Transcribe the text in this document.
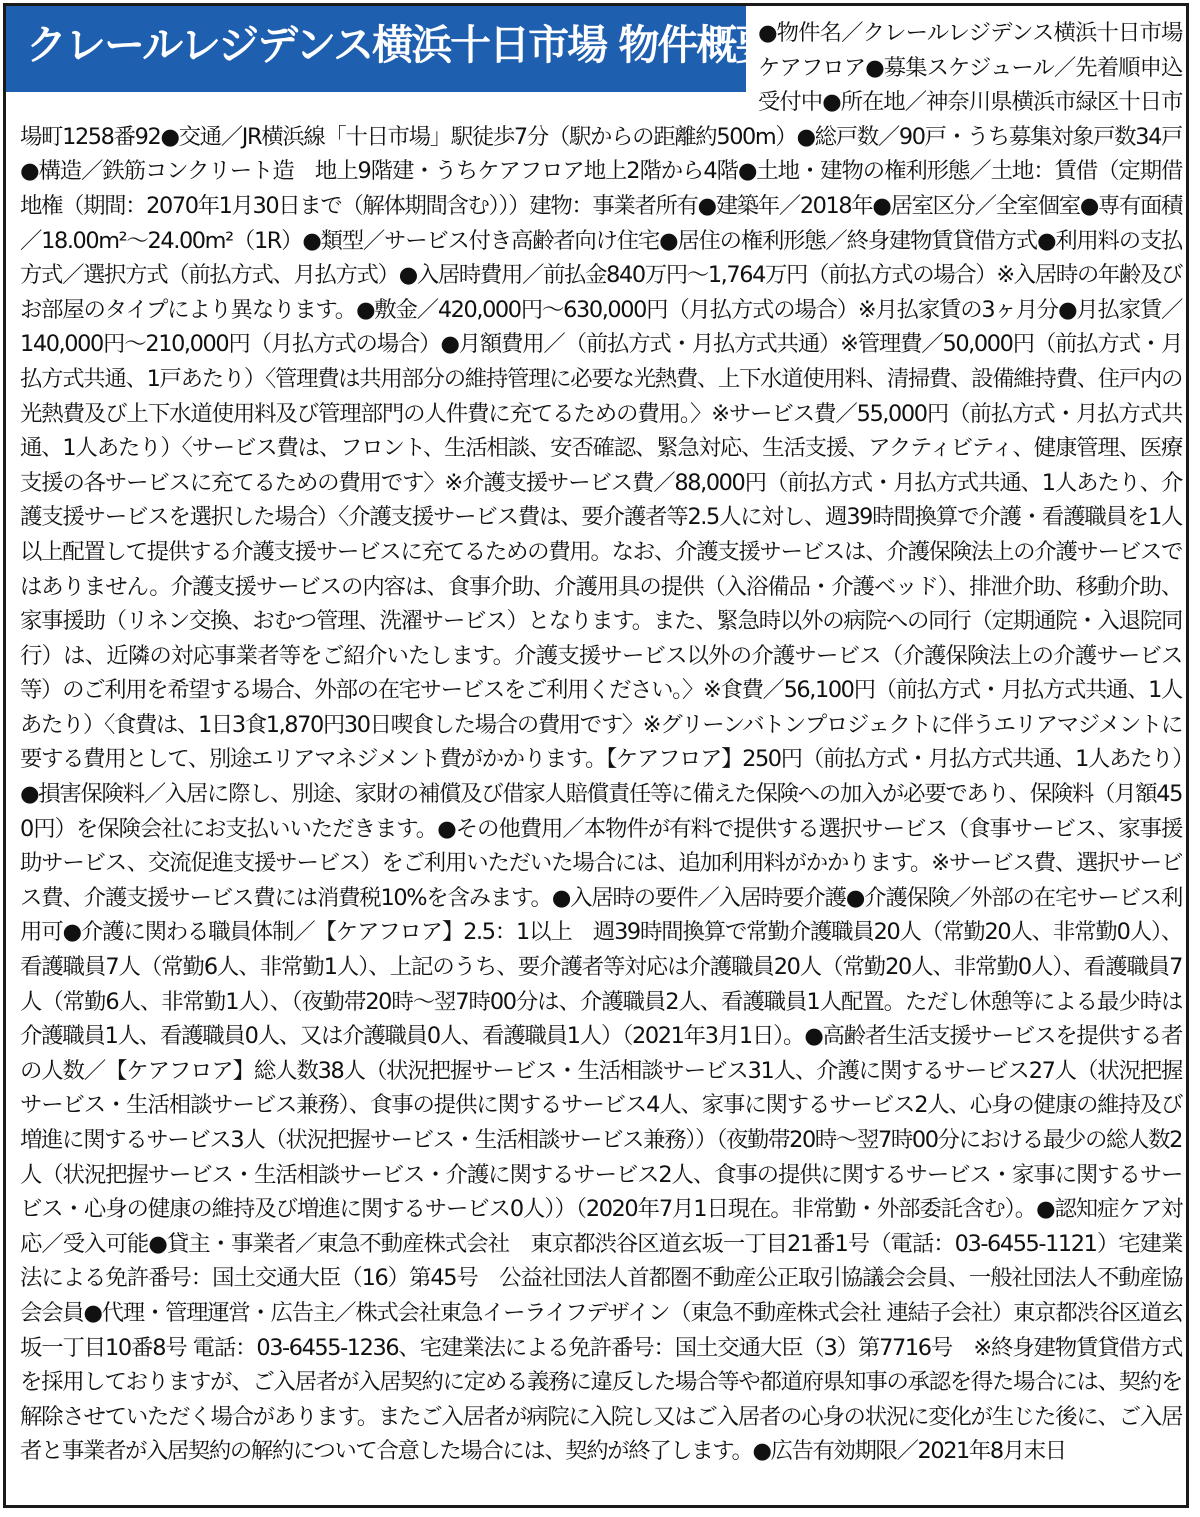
クレールレジデンス横浜十日市場 物件概要

●物件名／クレールレジデンス横浜十日市場 ケアフロア●募集スケジュール／先着順申込受付中●所在地／神奈川県横浜市緑区十日市場町1258番92●交通／JR横浜線「十日市場」駅徒歩7分（駅からの距離約500m）●総戸数／90戸・うち募集対象戸数34戸●構造／鉄筋コンクリート造　地上9階建・うちケアフロア地上2階から4階●土地・建物の権利形態／土地：賃借（定期借地権（期間：2070年1月30日まで（解体期間含む）））建物：事業者所有●建築年／2018年●居室区分／全室個室●専有面積／18.00m²～24.00m²（1R）●類型／サービス付き高齢者向け住宅●居住の権利形態／終身建物賃貸借方式●利用料の支払方式／選択方式（前払方式、月払方式）●入居時費用／前払金840万円～1,764万円（前払方式の場合）※入居時の年齢及びお部屋のタイプにより異なります。●敷金／420,000円～630,000円（月払方式の場合）※月払家賃の3ヶ月分●月払家賃／140,000円～210,000円（月払方式の場合）●月額費用／（前払方式・月払方式共通）※管理費／50,000円（前払方式・月払方式共通、1戸あたり）〈管理費は共用部分の維持管理に必要な光熱費、上下水道使用料、清掃費、設備維持費、住戸内の光熱費及び上下水道使用料及び管理部門の人件費に充てるための費用。〉※サービス費／55,000円（前払方式・月払方式共通、1人あたり）〈サービス費は、フロント、生活相談、安否確認、緊急対応、生活支援、アクティビティ、健康管理、医療支援の各サービスに充てるための費用です〉※介護支援サービス費／88,000円（前払方式・月払方式共通、1人あたり、介護支援サービスを選択した場合）〈介護支援サービス費は、要介護者等2.5人に対し、週39時間換算で介護・看護職員を1人以上配置して提供する介護支援サービスに充てるための費用。なお、介護支援サービスは、介護保険法上の介護サービスではありません。介護支援サービスの内容は、食事介助、介護用具の提供（入浴備品・介護ベッド）、排泄介助、移動介助、家事援助（リネン交換、おむつ管理、洗濯サービス）となります。また、緊急時以外の病院への同行（定期通院・入退院同行）は、近隣の対応事業者等をご紹介いたします。介護支援サービス以外の介護サービス（介護保険法上の介護サービス等）のご利用を希望する場合、外部の在宅サービスをご利用ください。〉※食費／56,100円（前払方式・月払方式共通、1人あたり）〈食費は、1日3食1,870円30日喫食した場合の費用です〉※グリーンバトンプロジェクトに伴うエリアマジメントに要する費用として、別途エリアマネジメント費がかかります。【ケアフロア】250円（前払方式・月払方式共通、1人あたり）●損害保険料／入居に際し、別途、家財の補償及び借家人賠償責任等に備えた保険への加入が必要であり、保険料（月額450円）を保険会社にお支払いいただきます。●その他費用／本物件が有料で提供する選択サービス（食事サービス、家事援助サービス、交流促進支援サービス）をご利用いただいた場合には、追加利用料がかかります。※サービス費、選択サービス費、介護支援サービス費には消費税10%を含みます。●入居時の要件／入居時要介護●介護保険／外部の在宅サービス利用可●介護に関わる職員体制／【ケアフロア】2.5：1以上　週39時間換算で常勤介護職員20人（常勤20人、非常勤0人）、看護職員7人（常勤6人、非常勤1人）、上記のうち、要介護者等対応は介護職員20人（常勤20人、非常勤0人）、看護職員7人（常勤6人、非常勤1人）、（夜勤帯20時～翌7時00分は、介護職員2人、看護職員1人配置。ただし休憩等による最少時は介護職員1人、看護職員0人、又は介護職員0人、看護職員1人）（2021年3月1日）。●高齢者生活支援サービスを提供する者の人数／【ケアフロア】総人数38人（状況把握サービス・生活相談サービス31人、介護に関するサービス27人（状況把握サービス・生活相談サービス兼務）、食事の提供に関するサービス4人、家事に関するサービス2人、心身の健康の維持及び増進に関するサービス3人（状況把握サービス・生活相談サービス兼務））（夜勤帯20時～翌7時00分における最少の総人数2人（状況把握サービス・生活相談サービス・介護に関するサービス2人、食事の提供に関するサービス・家事に関するサービス・心身の健康の維持及び増進に関するサービス0人））（2020年7月1日現在。非常勤・外部委託含む）。●認知症ケア対応／受入可能●貸主・事業者／東急不動産株式会社　東京都渋谷区道玄坂一丁目21番1号（電話：03-6455-1121）宅建業法による免許番号：国土交通大臣（16）第45号　公益社団法人首都圏不動産公正取引協議会会員、一般社団法人不動産協会会員●代理・管理運営・広告主／株式会社東急イーライフデザイン（東急不動産株式会社 連結子会社）東京都渋谷区道玄坂一丁目10番8号 電話：03-6455-1236、宅建業法による免許番号：国土交通大臣（3）第7716号　※終身建物賃貸借方式を採用しておりますが、ご入居者が入居契約に定める義務に違反した場合等や都道府県知事の承認を得た場合には、契約を解除させていただく場合があります。またご入居者が病院に入院し又はご入居者の心身の状況に変化が生じた後に、ご入居者と事業者が入居契約の解約について合意した場合には、契約が終了します。●広告有効期限／2021年8月末日
